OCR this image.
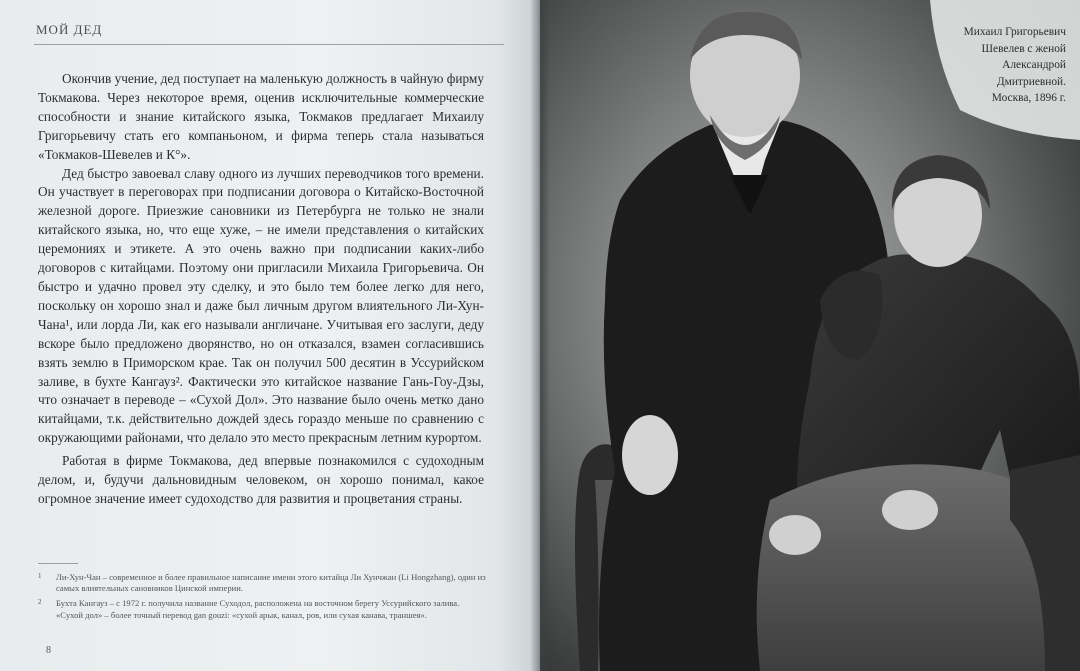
МОЙ ДЕД

Окончив учение, дед поступает на маленькую должность в чайную фирму Токмакова. Через некоторое время, оценив исключительные коммерческие способности и знание китайского языка, Токмаков предлагает Михаилу Григорьевичу стать его компаньоном, и фирма теперь стала называться «Токмаков-Шевелев и К°».

Дед быстро завоевал славу одного из лучших переводчиков того времени. Он участвует в переговорах при подписании договора о Китайско-Восточной железной дороге. Приезжие сановники из Петербурга не только не знали китайского языка, но, что еще хуже, – не имели представления о китайских церемониях и этикете. А это очень важно при подписании каких-либо договоров с китайцами. Поэтому они пригласили Михаила Григорьевича. Он быстро и удачно провел эту сделку, и это было тем более легко для него, поскольку он хорошо знал и даже был личным другом влиятельного Ли-Хун-Чана¹, или лорда Ли, как его называли англичане. Учитывая его заслуги, деду вскоре было предложено дворянство, но он отказался, взамен согласившись взять землю в Приморском крае. Так он получил 500 десятин в Уссурийском заливе, в бухте Кангауз². Фактически это китайское название Гань-Гоу-Дзы, что означает в переводе – «Сухой Дол». Это название было очень метко дано китайцами, т.к. действительно дождей здесь гораздо меньше по сравнению с окружающими районами, что делало это место прекрасным летним курортом.

Работая в фирме Токмакова, дед впервые познакомился с судоходным делом, и, будучи дальновидным человеком, он хорошо понимал, какое огромное значение имеет судоходство для развития и процветания страны.

1 Ли-Хун-Чан – современное и более правильное написание имени этого китайца Ли Хунчжан (Li Hongzhang), один из самых влиятельных сановников Цинской империи.
2 Бухта Кангауз – с 1972 г. получила название Суходол, расположена на восточном берегу Уссурийского залива. «Сухой дол» – более точный перевод gan gouzi: «сухой арык, канал, ров, или сухая канава, траншея».
8
Михаил Григорьевич
Шевелев с женой
Александрой
Дмитриевной.
Москва, 1896 г.
